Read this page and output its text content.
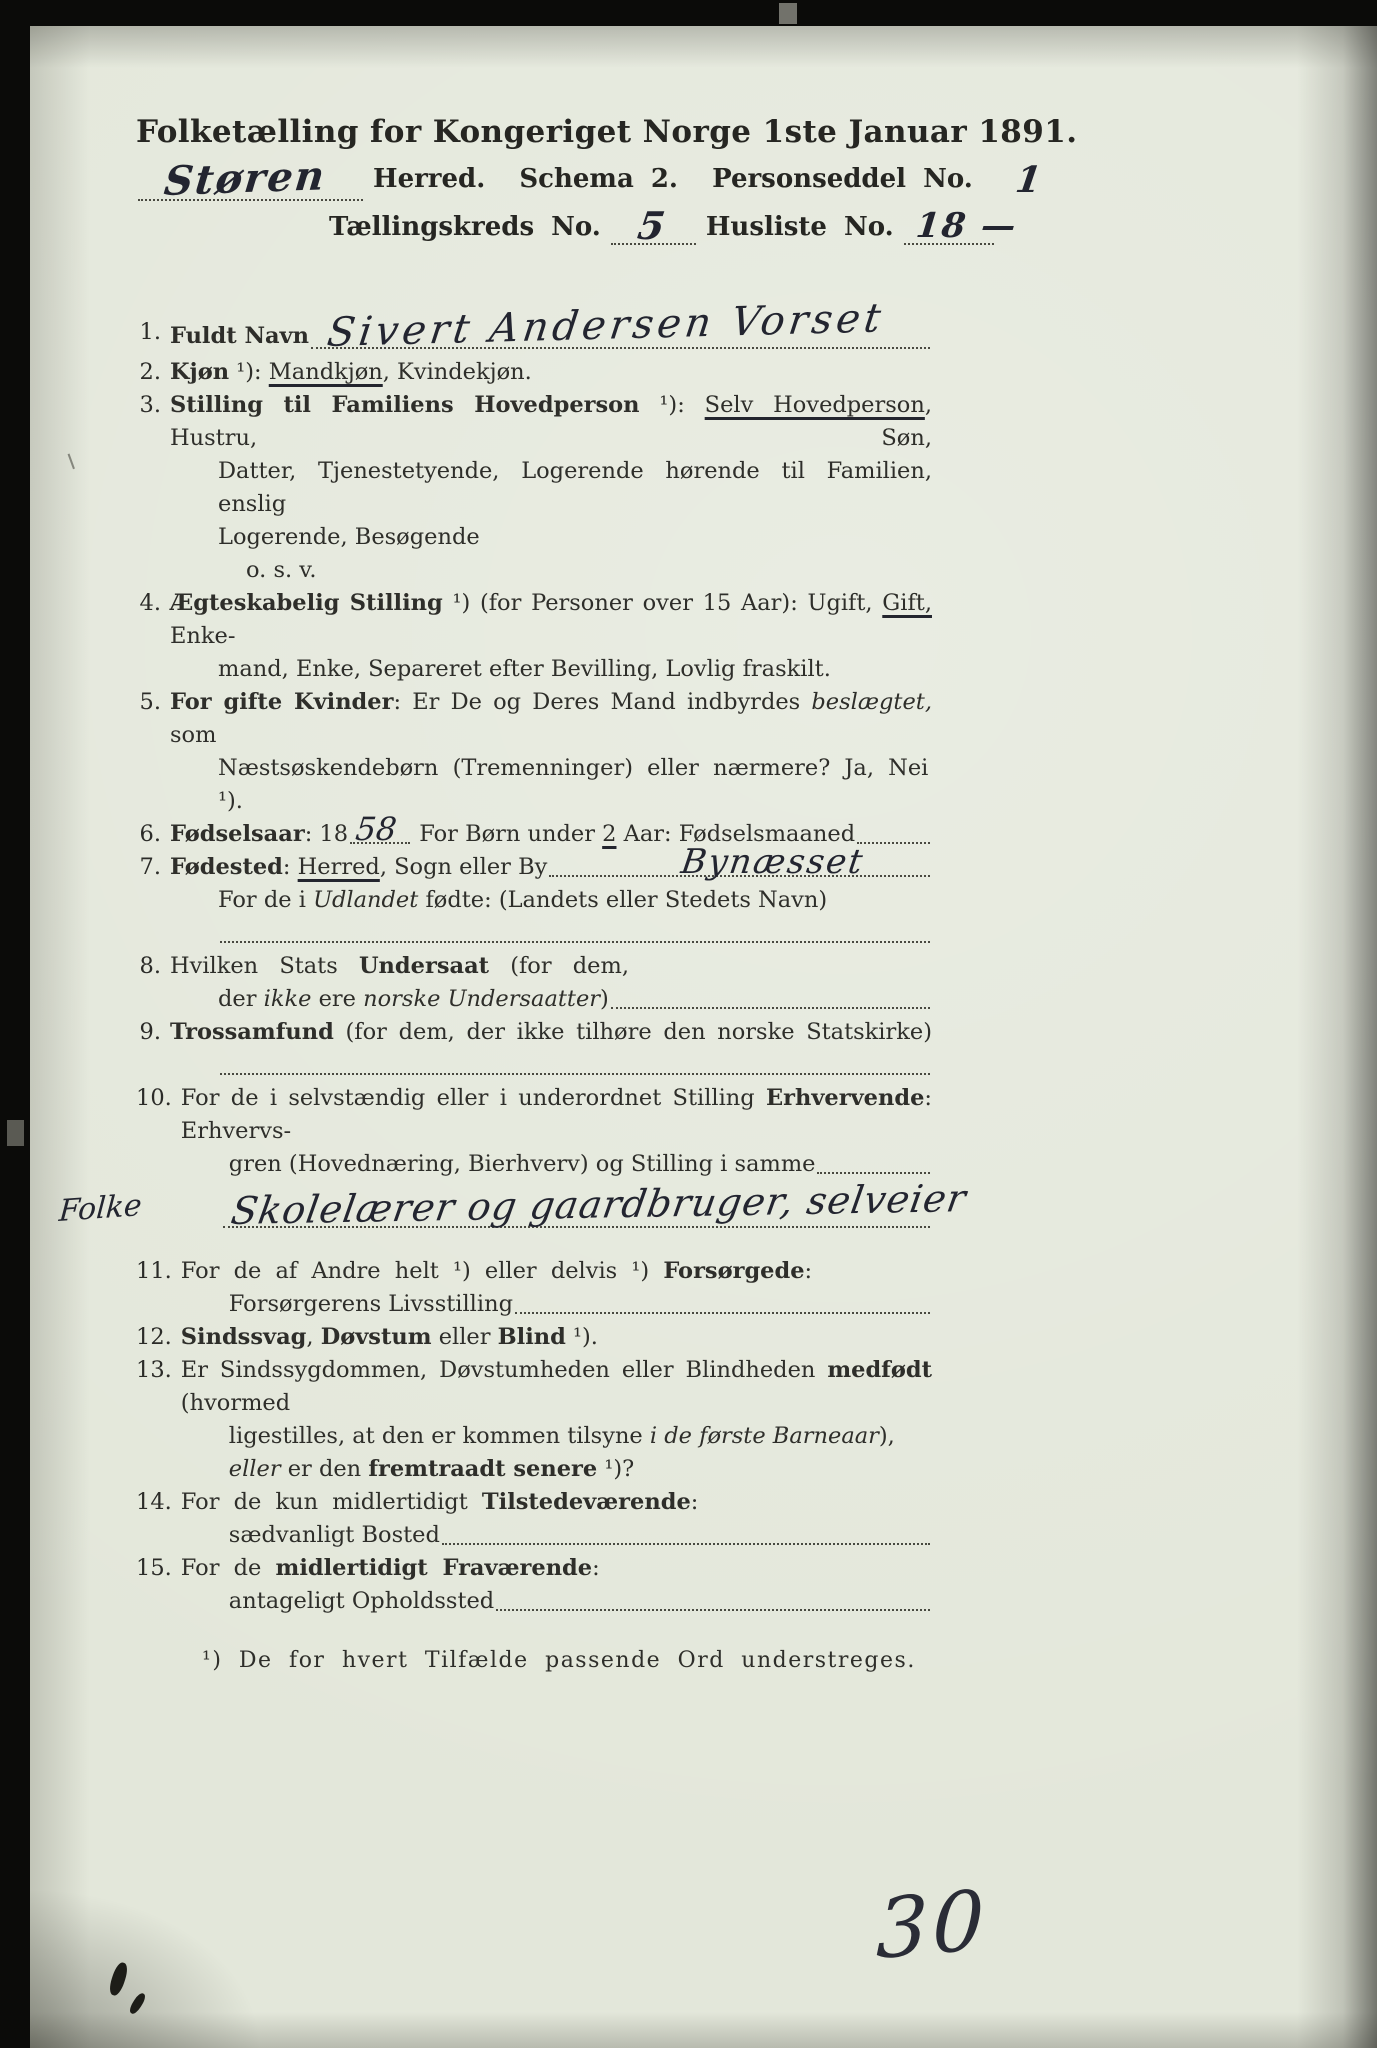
Folketælling for Kongeriget Norge 1ste Januar 1891.
Støren	Herred.  Schema 2.  Personseddel No. 1
Tællingskreds No. 5	Husliste No. 18 —
1. Fuldt Navn Sivert Andersen Vorset
2. Kjøn ¹): Mandkjøn, Kvindekjøn.
3. Stilling til Familiens Hovedperson ¹): Selv Hovedperson, Hustru, Søn,
Datter, Tjenestetyende, Logerende hørende til Familien, enslig
Logerende, Besøgende
o. s. v.
4. Ægteskabelig Stilling ¹) (for Personer over 15 Aar): Ugift, Gift, Enke-
mand, Enke, Separeret efter Bevilling, Lovlig fraskilt.
5. For gifte Kvinder: Er De og Deres Mand indbyrdes beslægtet, som
Næstsøskendebørn (Tremenninger) eller nærmere? Ja, Nei ¹).
6. Fødselsaar : 18 58 For Børn under 2 Aar: Fødselsmaaned
7. Fødested : Herred , Sogn eller By	Bynæsset
For de i Udlandet fødte: (Landets eller Stedets Navn)
8. Hvilken Stats Undersaat (for dem,
der ikke ere norske Undersaatter )
9. Trossamfund (for dem, der ikke tilhøre den norske Statskirke)
10. For de i selvstændig eller i underordnet Stilling Erhvervende: Erhvervs-
gren (Hovednæring, Bierhverv) og Stilling i samme
Skolelærer og gaardbruger, selveier
Folke
11. For de af Andre helt ¹) eller delvis ¹) Forsørgede:
Forsørgerens Livsstilling
12. Sindssvag, Døvstum eller Blind ¹).
13. Er Sindssygdommen, Døvstumheden eller Blindheden medfødt (hvormed
ligestilles, at den er kommen tilsyne i de første Barneaar),
eller er den fremtraadt senere ¹)?
14. For de kun midlertidigt Tilstedeværende:
sædvanligt Bosted
15. For de midlertidigt Fraværende:
antageligt Opholdssted
¹) De for hvert Tilfælde passende Ord understreges.
30
